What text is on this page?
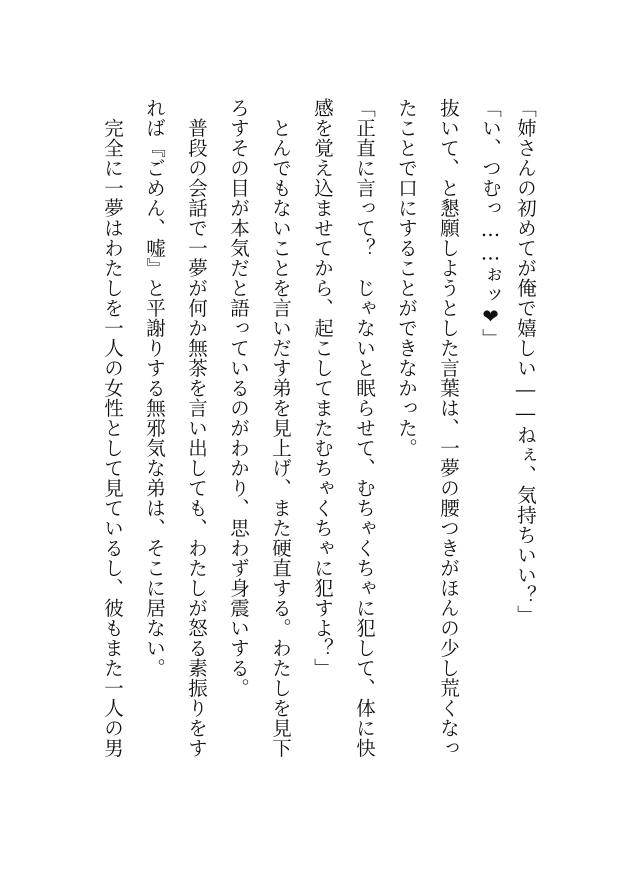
「姉さんの初めてが俺で嬉しい――ねぇ、気持ちいい？」
「い、つむっ……ぉッ❤」
抜いて、と懇願しようとした言葉は、一夢の腰つきがほんの少し荒くなっ
たことで口にすることができなかった。
「正直に言って？　じゃないと眠らせて、むちゃくちゃに犯して、体に快
感を覚え込ませてから、起こしてまたむちゃくちゃに犯すよ？」
　とんでもないことを言いだす弟を見上げ、また硬直する。わたしを見下
ろすその目が本気だと語っているのがわかり、思わず身震いする。
　普段の会話で一夢が何か無茶を言い出しても、わたしが怒る素振りをす
れば『ごめん、嘘』と平謝りする無邪気な弟は、そこに居ない。
　完全に一夢はわたしを一人の女性として見ているし、彼もまた一人の男
